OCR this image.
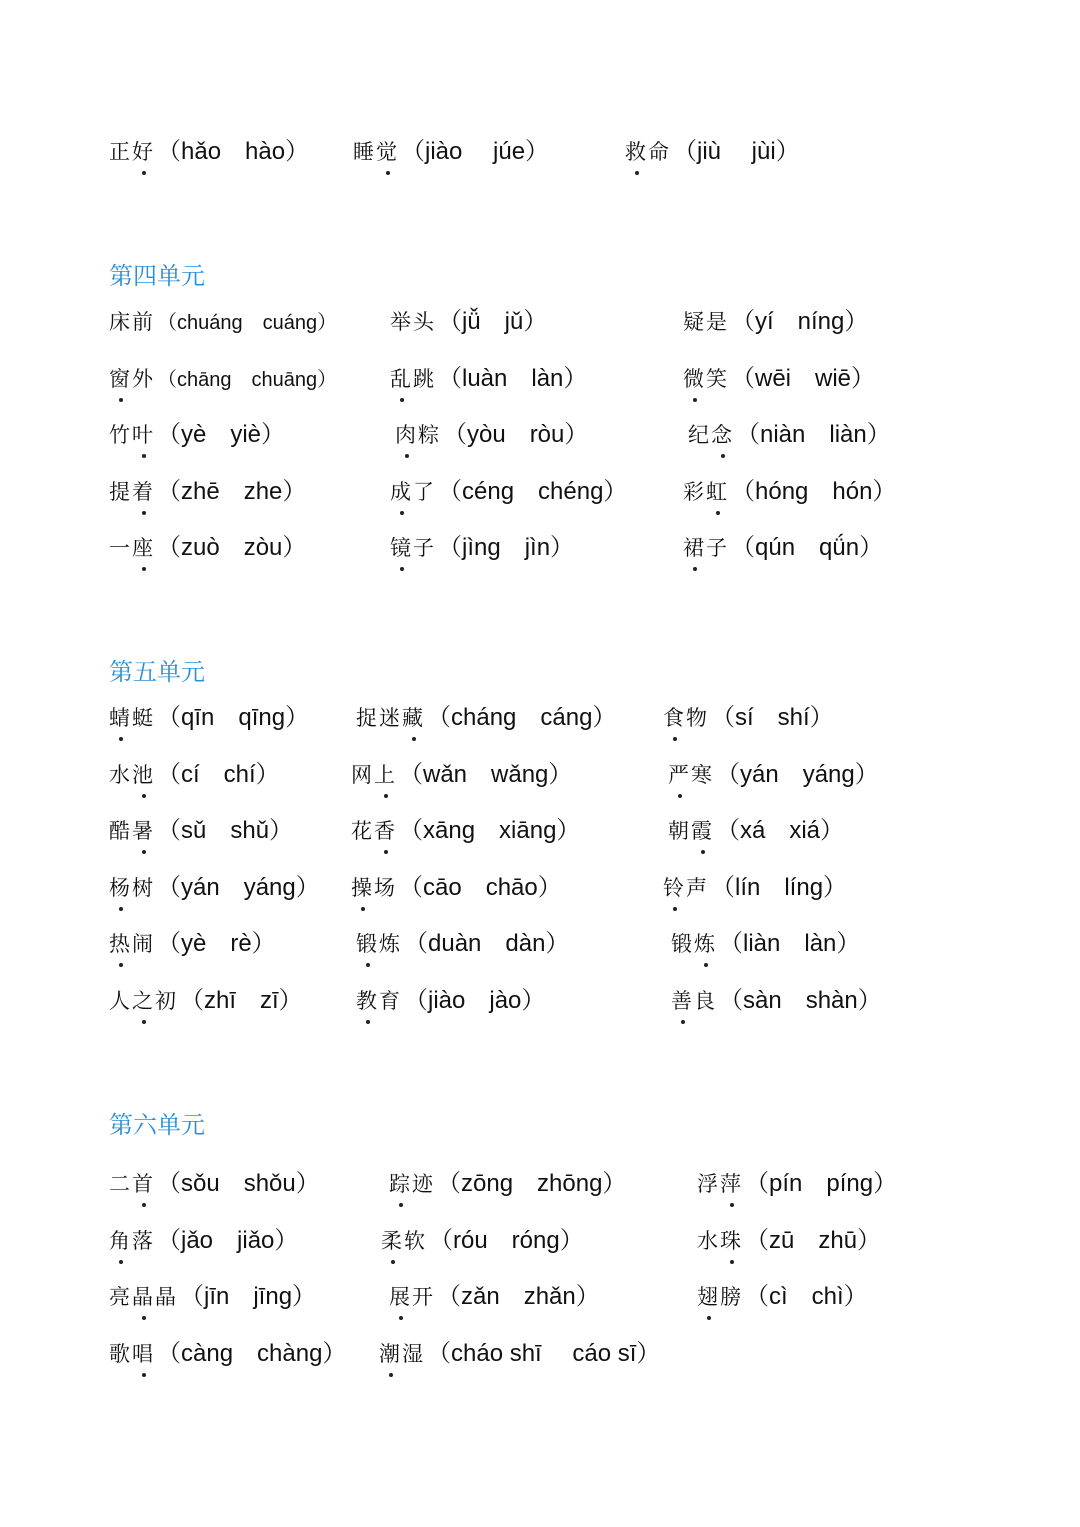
正好 （hǎo　hào） 睡觉 （jiào　 júe）	救命 （jiù　 jùi）
第四单元
床前 （chuáng　cuáng）	举头 （jǚ　jǔ）	疑是 （yí　níng）
窗外 （chāng　chuāng）	乱跳 （luàn　làn）	微笑 （wēi　wiē）
竹叶 （yè　yiè）	肉粽 （yòu　ròu）	纪念 （niàn　liàn）
提着 （zhē　zhe）	成了 （céng　chéng）	彩虹 （hóng　hón）
一座 （zuò　zòu）	镜子 （jìng　jìn）	裙子 （qún　qǘn）
第五单元
蜻蜓 （qīn　qīng） 捉迷藏 （cháng　cáng） 食物 （sí　shí）
水池 （cí　chí）	网上 （wǎn　wǎng）	严寒 （yán　yáng）
酷暑 （sǔ　shǔ）	花香 （xāng　xiāng）	朝霞 （xá　xiá）
杨树 （yán　yáng） 操场 （cāo　chāo）	铃声 （lín　líng）
热闹 （yè　rè）	锻炼 （duàn　dàn）	锻炼 （liàn　làn）
人之初 （zhī　zī）	教育 （jiào　jào）	善良 （sàn　shàn）
第六单元
二首 （sǒu　shǒu）	踪迹 （zōng　zhōng）	浮萍 （pín　píng）
角落 （jǎo　jiǎo）	柔软 （róu　róng）	水珠 （zū　zhū）
亮晶晶 （jīn　jīng）	展开 （zǎn　zhǎn）	翅膀 （cì　chì）
歌唱 （càng　chàng） 潮湿 （cháo shī　 cáo sī）
